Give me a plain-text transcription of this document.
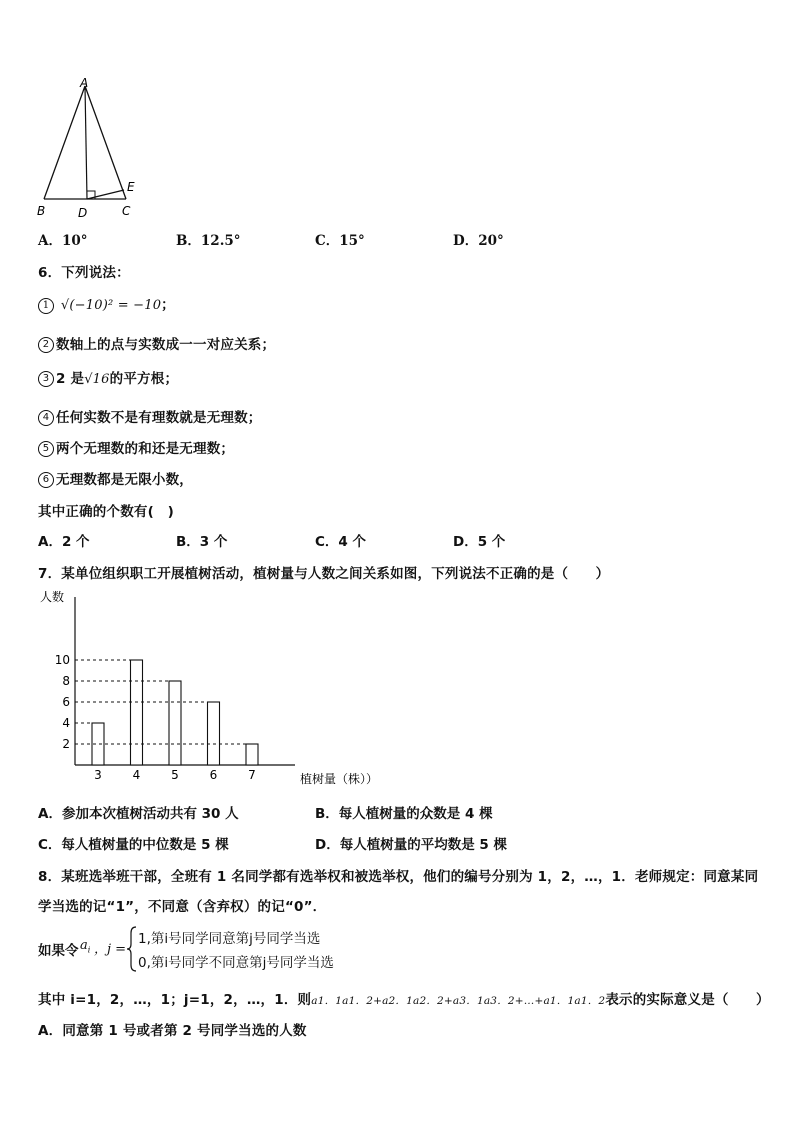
A
B	D	C
E
A．10°	B．12.5°	C．15°	D．20°
6．下列说法：
1 √(−10)² = −10；
2 数轴上的点与实数成一一对应关系；
3 2 是√16的平方根；
4 任何实数不是有理数就是无理数；
5 两个无理数的和还是无理数；
6 无理数都是无限小数，
其中正确的个数有(　)
A．2 个	B．3 个	C．4 个	D．5 个
7．某单位组织职工开展植树活动，植树量与人数之间关系如图，下列说法不正确的是（　　）
人数
植树量（株））
2
4
6
8
10
3	4	5	6	7
A．参加本次植树活动共有 30 人	B．每人植树量的众数是 4 棵
C．每人植树量的中位数是 5 棵	D．每人植树量的平均数是 5 棵
8．某班选举班干部，全班有 1 名同学都有选举权和被选举权，他们的编号分别为 1，2，…，1．老师规定：同意某同
学当选的记“1”，不同意（含弃权）的记“0”．
如果令 $a_i$ ，j =
1,第i号同学同意第j号同学当选
0,第i号同学不同意第j号同学当选
其中 i=1，2，…，1；j=1，2，…，1．则a1．1a1．2+a2．1a2．2+a3．1a3．2+…+a1．1a1．2表示的实际意义是（　　）
A．同意第 1 号或者第 2 号同学当选的人数
